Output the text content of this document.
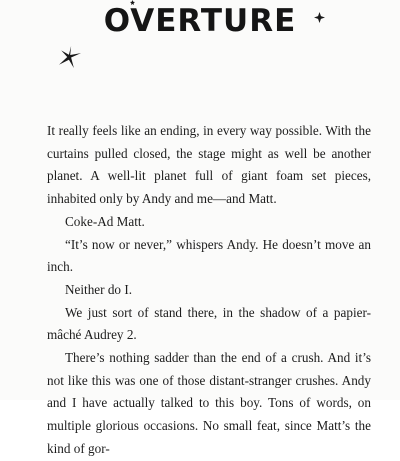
OVERTURE

It really feels like an ending, in every way possible. With the curtains pulled closed, the stage might as well be another planet. A well-lit planet full of giant foam set pieces, inhabited only by Andy and me—and Matt.

Coke-Ad Matt.

“It’s now or never,” whispers Andy. He doesn’t move an inch.

Neither do I.

We just sort of stand there, in the shadow of a papier-mâché Audrey 2.

There’s nothing sadder than the end of a crush. And it’s not like this was one of those distant-stranger crushes. Andy and I have actually talked to this boy. Tons of words, on multiple glorious occasions. No small feat, since Matt’s the kind of gor-
